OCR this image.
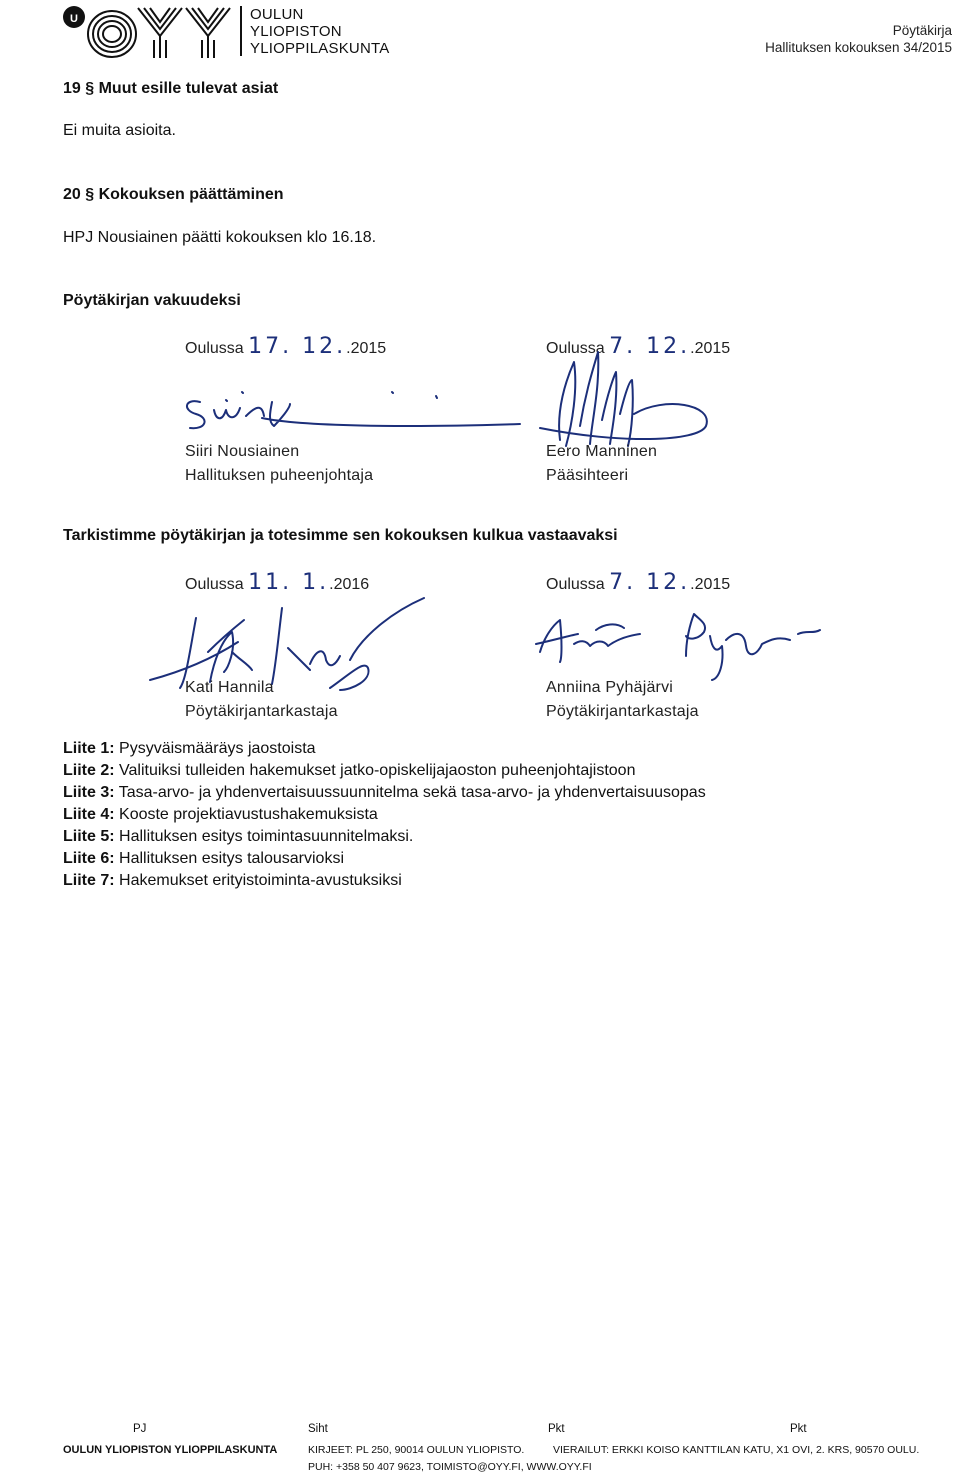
U	OULUN
YLIOPISTON
YLIOPPILASKUNTA
Pöytäkirja
Hallituksen kokouksen 34/2015
19 § Muut esille tulevat asiat
Ei muita asioita.
20 § Kokouksen päättäminen
HPJ Nousiainen päätti kokouksen klo 16.18.
Pöytäkirjan vakuudeksi
Oulussa 17. 12..2015	Oulussa 7. 12..2015
Siiri Nousiainen
Hallituksen puheenjohtaja
Eero Manninen
Pääsihteeri
Tarkistimme pöytäkirjan ja totesimme sen kokouksen kulkua vastaavaksi
Oulussa 11. 1..2016	Oulussa 7. 12..2015
Kati Hannila
Pöytäkirjantarkastaja
Anniina Pyhäjärvi
Pöytäkirjantarkastaja
Liite 1: Pysyväismääräys jaostoista
Liite 2: Valituiksi tulleiden hakemukset jatko-opiskelijajaoston puheenjohtajistoon
Liite 3: Tasa-arvo- ja yhdenvertaisuussuunnitelma sekä tasa-arvo- ja yhdenvertaisuusopas
Liite 4: Kooste projektiavustushakemuksista
Liite 5: Hallituksen esitys toimintasuunnitelmaksi.
Liite 6: Hallituksen esitys talousarvioksi
Liite 7: Hakemukset erityistoiminta-avustuksiksi
PJ	Siht	Pkt	Pkt
OULUN YLIOPISTON YLIOPPILASKUNTA	KIRJEET: PL 250, 90014 OULUN YLIOPISTO.	VIERAILUT: ERKKI KOISO KANTTILAN KATU, X1 OVI, 2. KRS, 90570 OULU.
PUH: +358 50 407 9623, TOIMISTO@OYY.FI, WWW.OYY.FI
